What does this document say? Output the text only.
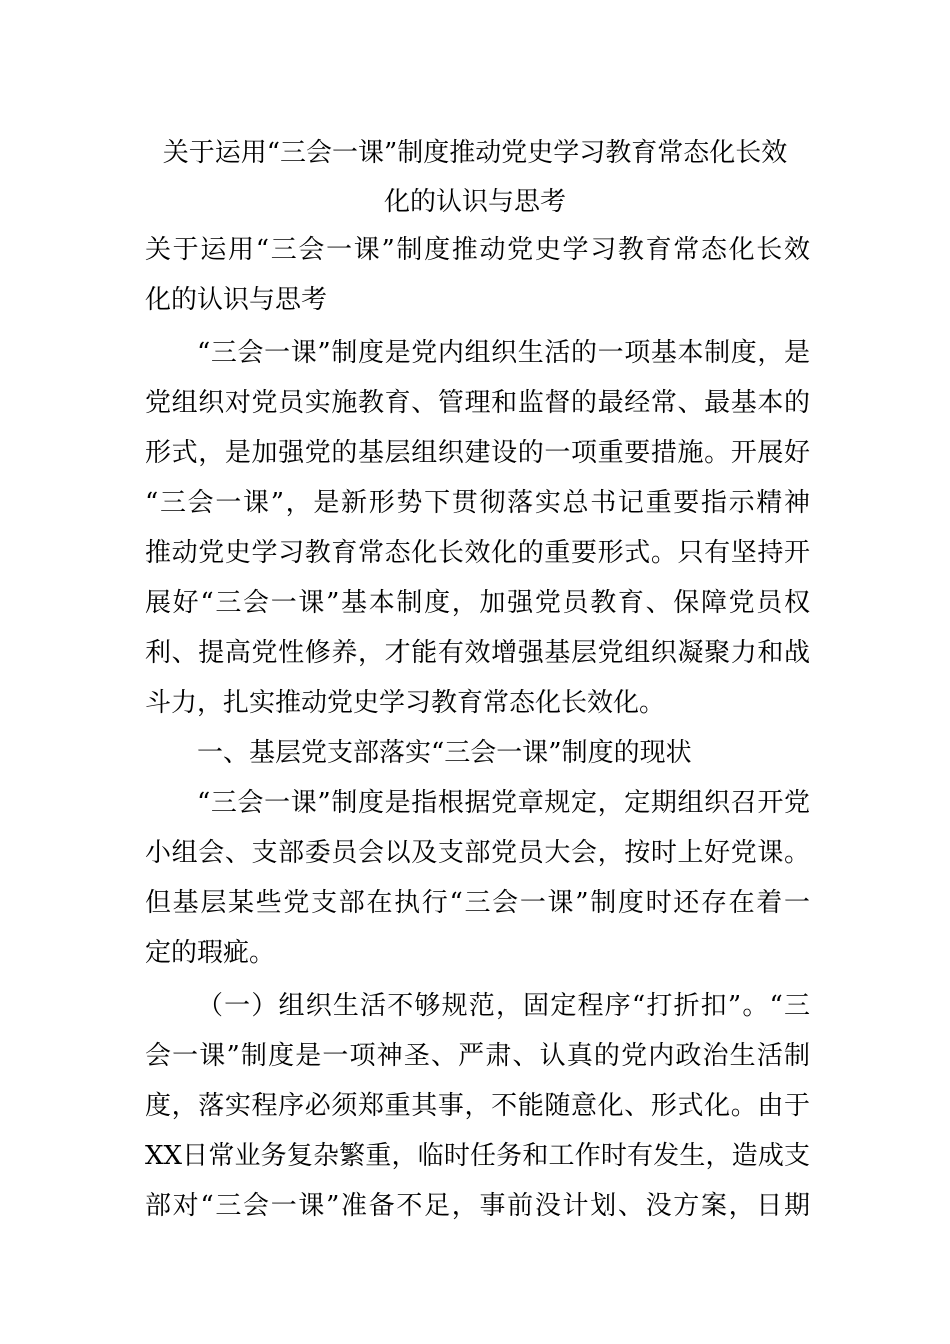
关于运用“三会一课”制度推动党史学习教育常态化长效
化的认识与思考
关于运用“三会一课”制度推动党史学习教育常态化长效
化的认识与思考
“三会一课”制度是党内组织生活的一项基本制度，是
党组织对党员实施教育、管理和监督的最经常、最基本的
形式，是加强党的基层组织建设的一项重要措施。开展好
“三会一课”，是新形势下贯彻落实总书记重要指示精神
推动党史学习教育常态化长效化的重要形式。只有坚持开
展好“三会一课”基本制度，加强党员教育、保障党员权
利、提高党性修养，才能有效增强基层党组织凝聚力和战
斗力，扎实推动党史学习教育常态化长效化。
一、基层党支部落实“三会一课”制度的现状
“三会一课”制度是指根据党章规定，定期组织召开党
小组会、支部委员会以及支部党员大会，按时上好党课。
但基层某些党支部在执行“三会一课”制度时还存在着一
定的瑕疵。
（一）组织生活不够规范，固定程序“打折扣”。“三
会一课”制度是一项神圣、严肃、认真的党内政治生活制
度，落实程序必须郑重其事，不能随意化、形式化。由于
XX日常业务复杂繁重，临时任务和工作时有发生，造成支
部对“三会一课”准备不足，事前没计划、没方案，日期
